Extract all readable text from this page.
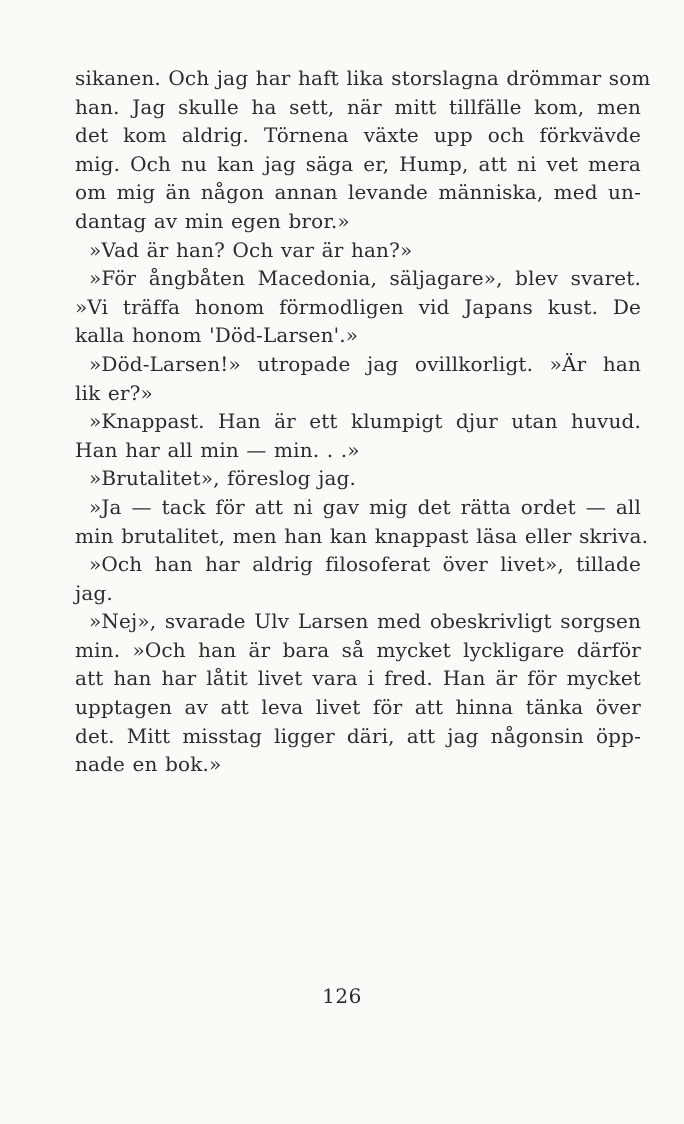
sikanen. Och jag har haft lika storslagna drömmar som
han. Jag skulle ha sett, när mitt tillfälle kom, men
det kom aldrig. Törnena växte upp och förkvävde
mig. Och nu kan jag säga er, Hump, att ni vet mera
om mig än någon annan levande människa, med un-
dantag av min egen bror.»
»Vad är han? Och var är han?»
»För ångbåten Macedonia, säljagare», blev svaret.
»Vi träffa honom förmodligen vid Japans kust. De
kalla honom 'Död-Larsen'.»
»Död-Larsen!» utropade jag ovillkorligt. »Är han
lik er?»
»Knappast. Han är ett klumpigt djur utan huvud.
Han har all min — min. . .»
»Brutalitet», föreslog jag.
»Ja — tack för att ni gav mig det rätta ordet — all
min brutalitet, men han kan knappast läsa eller skriva.
»Och han har aldrig filosoferat över livet», tillade
jag.
»Nej», svarade Ulv Larsen med obeskrivligt sorgsen
min. »Och han är bara så mycket lyckligare därför
att han har låtit livet vara i fred. Han är för mycket
upptagen av att leva livet för att hinna tänka över
det. Mitt misstag ligger däri, att jag någonsin öpp-
nade en bok.»
126
